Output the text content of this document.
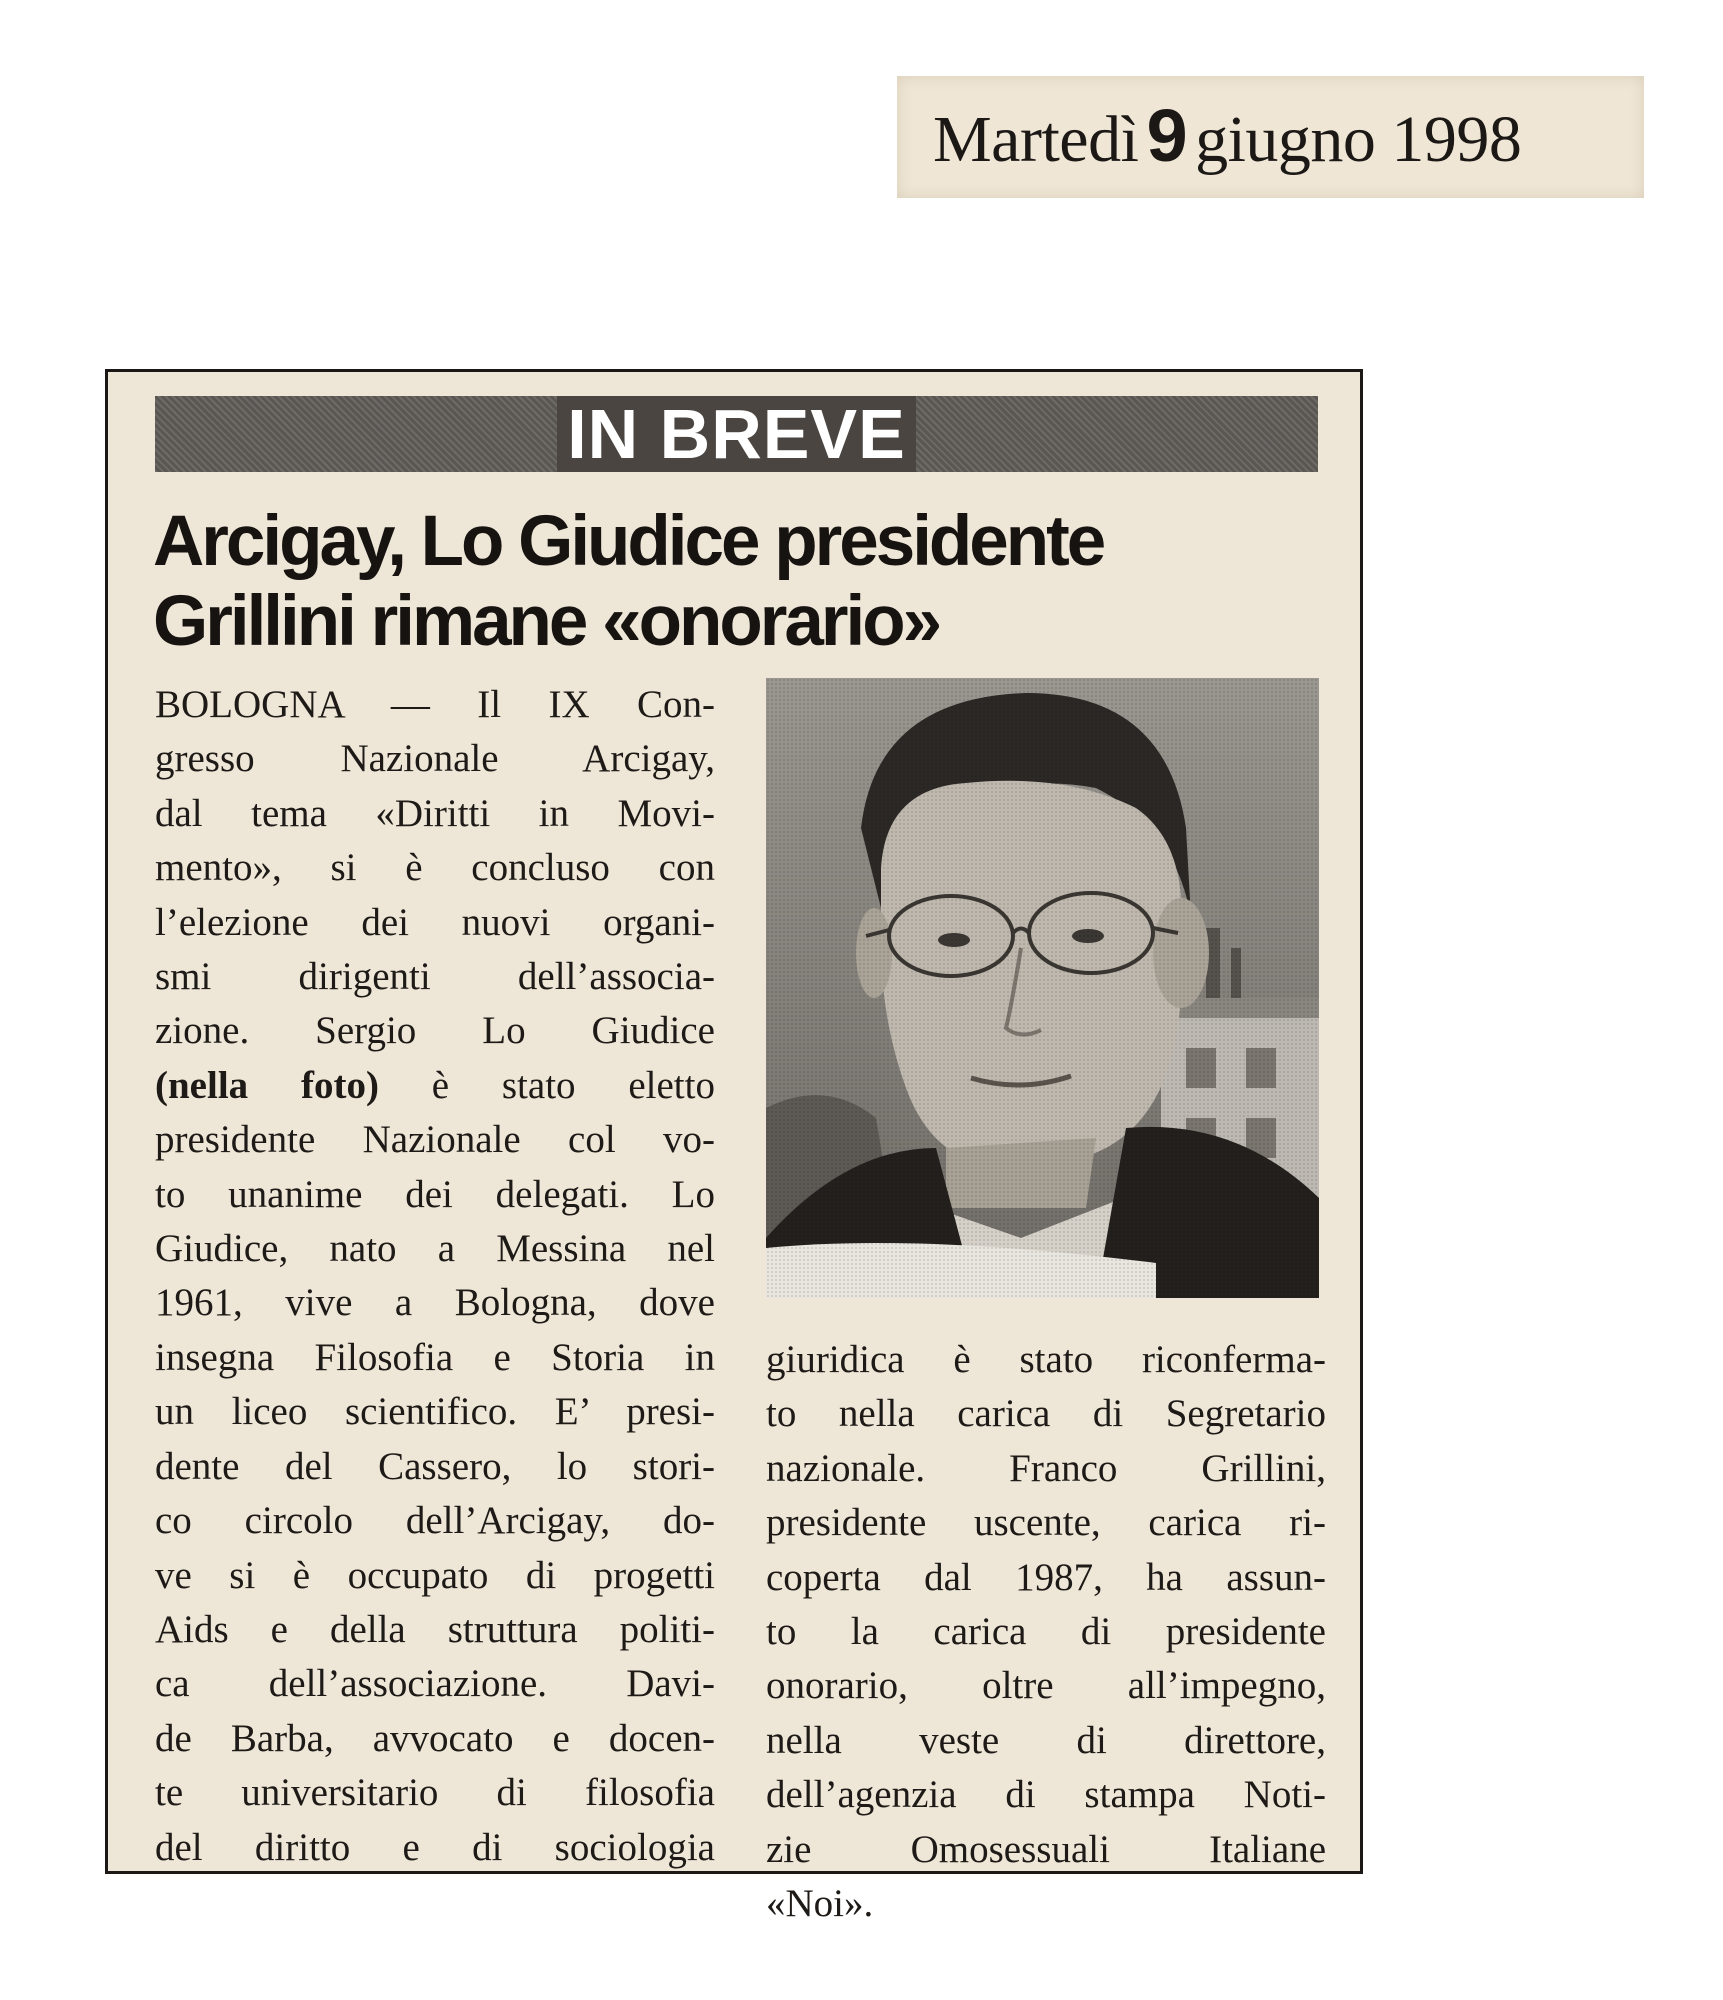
Martedì 9 giugno 1998
IN BREVE
Arcigay, Lo Giudice presidente
Grillini rimane «onorario»
BOLOGNA — Il IX Con-
gresso Nazionale Arcigay,
dal tema «Diritti in Movi-
mento», si è concluso con
l’elezione dei nuovi organi-
smi dirigenti dell’associa-
zione. Sergio Lo Giudice
(nella foto) è stato eletto
presidente Nazionale col vo-
to unanime dei delegati. Lo
Giudice, nato a Messina nel
1961, vive a Bologna, dove
insegna Filosofia e Storia in
un liceo scientifico. E’ presi-
dente del Cassero, lo stori-
co circolo dell’Arcigay, do-
ve si è occupato di progetti
Aids e della struttura politi-
ca dell’associazione. Davi-
de Barba, avvocato e docen-
te universitario di filosofia
del diritto e di sociologia
giuridica è stato riconferma-
to nella carica di Segretario
nazionale. Franco Grillini,
presidente uscente, carica ri-
coperta dal 1987, ha assun-
to la carica di presidente
onorario, oltre all’impegno,
nella veste di direttore,
dell’agenzia di stampa Noti-
zie Omosessuali Italiane
«Noi».
